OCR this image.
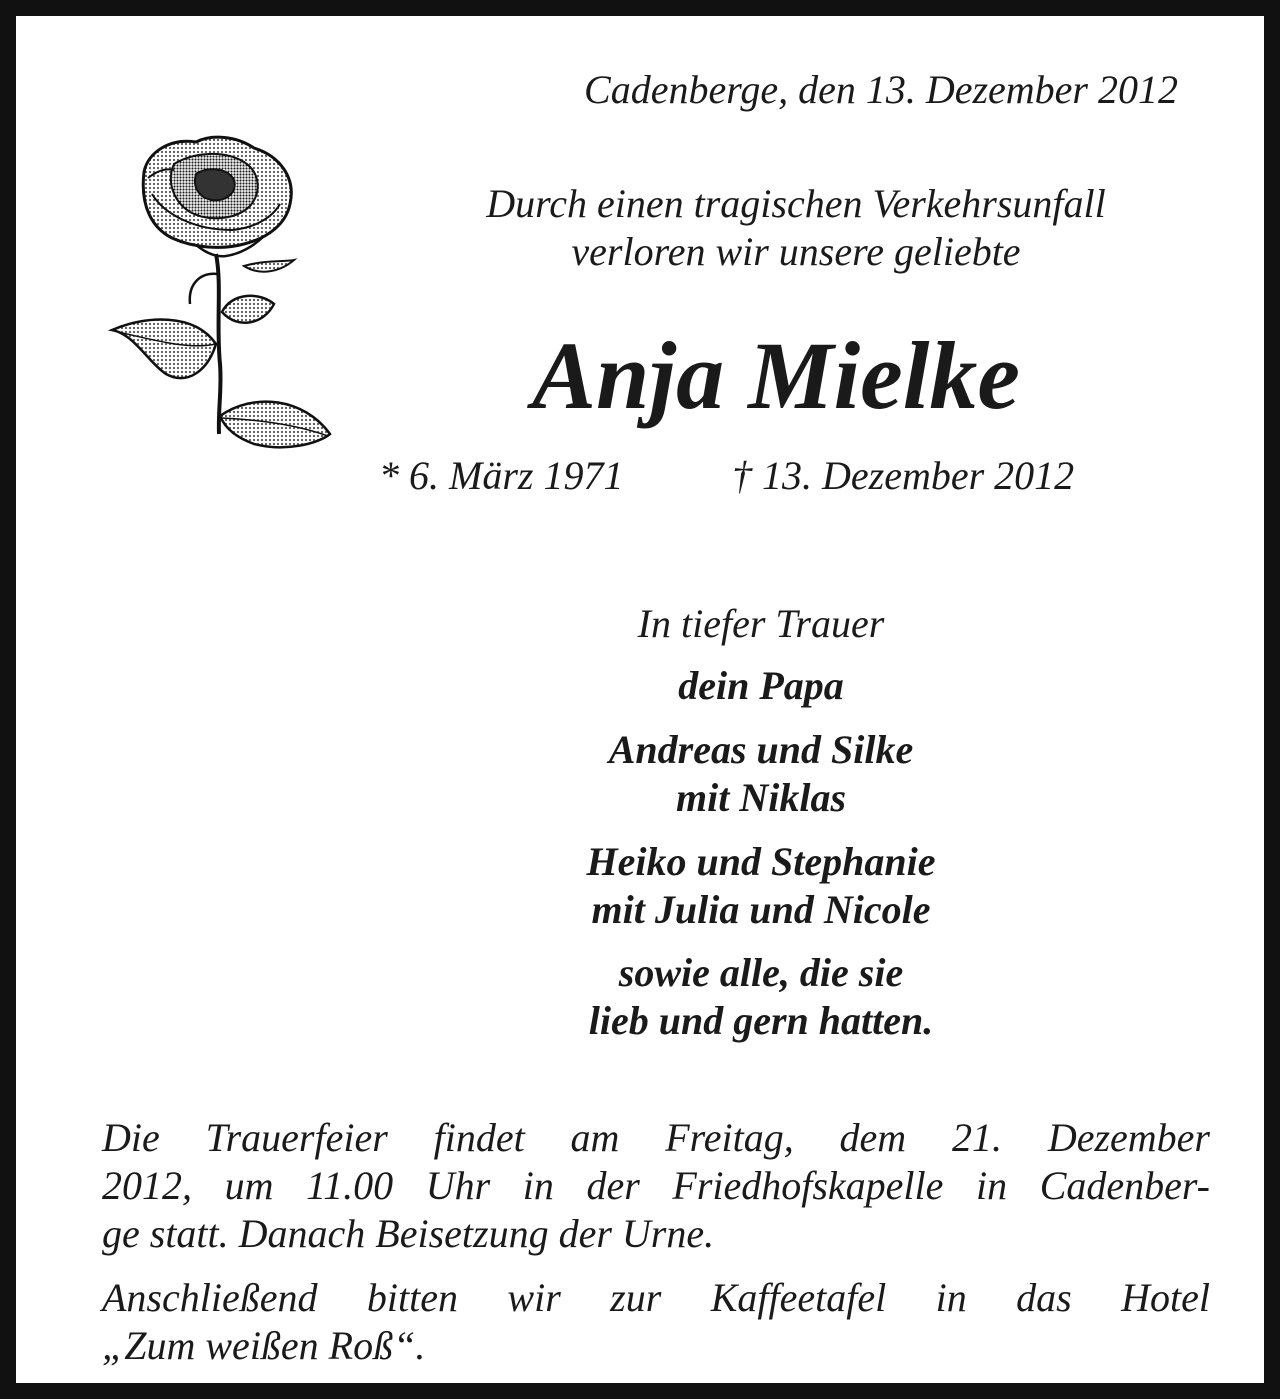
Cadenberge, den 13. Dezember 2012
Durch einen tragischen Verkehrsunfall
verloren wir unsere geliebte
Anja Mielke
* 6. März 1971	† 13. Dezember 2012
In tiefer Trauer
dein Papa
Andreas und Silke
mit Niklas
Heiko und Stephanie
mit Julia und Nicole
sowie alle, die sie
lieb und gern hatten.
Die Trauerfeier findet am Freitag, dem 21. Dezember
2012, um 11.00 Uhr in der Friedhofskapelle in Cadenber-
ge statt. Danach Beisetzung der Urne.
Anschließend bitten wir zur Kaffeetafel in das Hotel
„Zum weißen Roß“.
